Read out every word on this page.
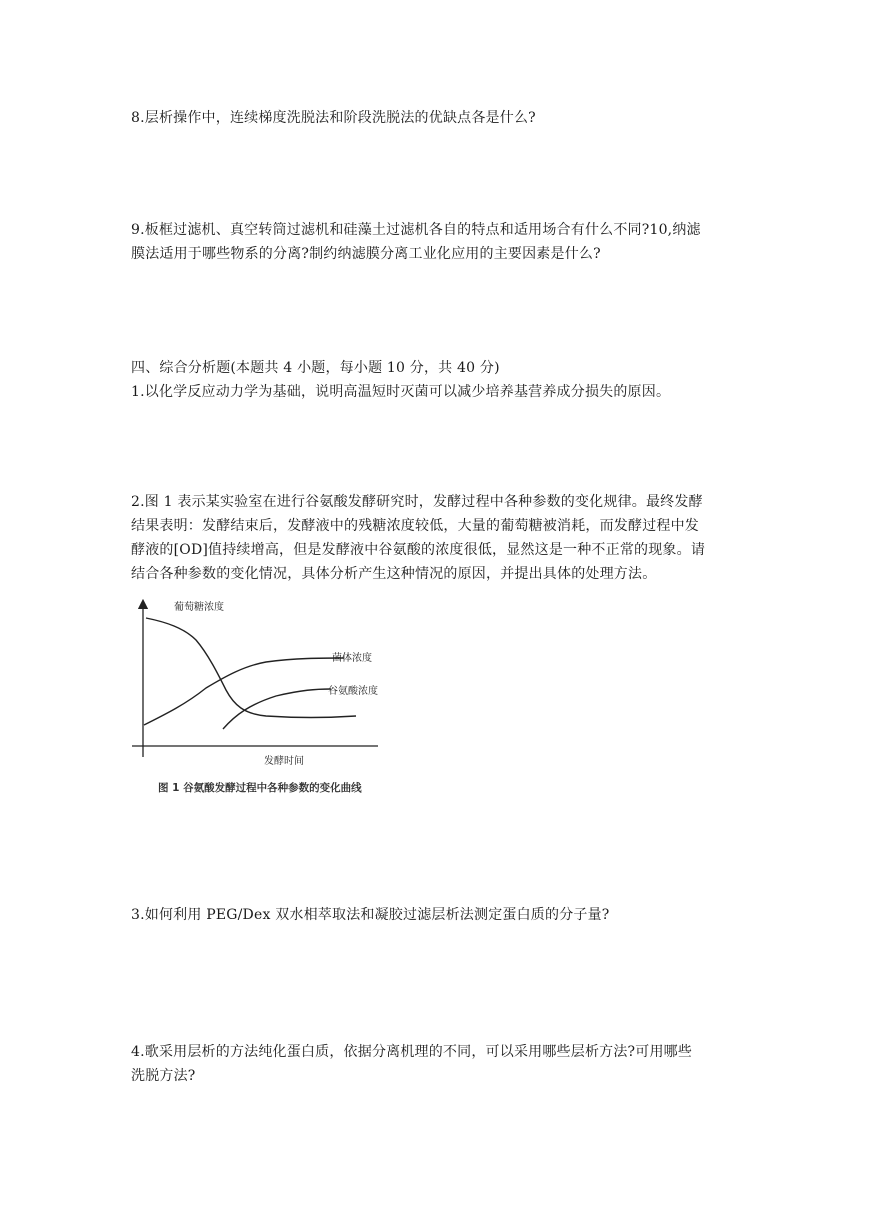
8.层析操作中，连续梯度洗脱法和阶段洗脱法的优缺点各是什么?

9.板框过滤机、真空转筒过滤机和硅藻土过滤机各自的特点和适用场合有什么不同?10,纳滤
膜法适用于哪些物系的分离?制约纳滤膜分离工业化应用的主要因素是什么?
四、综合分析题(本题共 4 小题，每小题 10 分，共 40 分)
1.以化学反应动力学为基础，说明高温短时灭菌可以减少培养基营养成分损失的原因。
2.图 1 表示某实验室在进行谷氨酸发酵研究时，发酵过程中各种参数的变化规律。最终发酵
结果表明：发酵结束后，发酵液中的残糖浓度较低，大量的葡萄糖被消耗，而发酵过程中发
酵液的[OD]值持续增高，但是发酵液中谷氨酸的浓度很低，显然这是一种不正常的现象。请
结合各种参数的变化情况，具体分析产生这种情况的原因，并提出具体的处理方法。
葡萄糖浓度
菌体浓度
谷氨酸浓度
发酵时间
图 1 谷氨酸发酵过程中各种参数的变化曲线

3.如何利用 PEG/Dex 双水相萃取法和凝胶过滤层析法测定蛋白质的分子量?

4.歌采用层析的方法纯化蛋白质，依据分离机理的不同，可以采用哪些层析方法?可用哪些
洗脱方法?
